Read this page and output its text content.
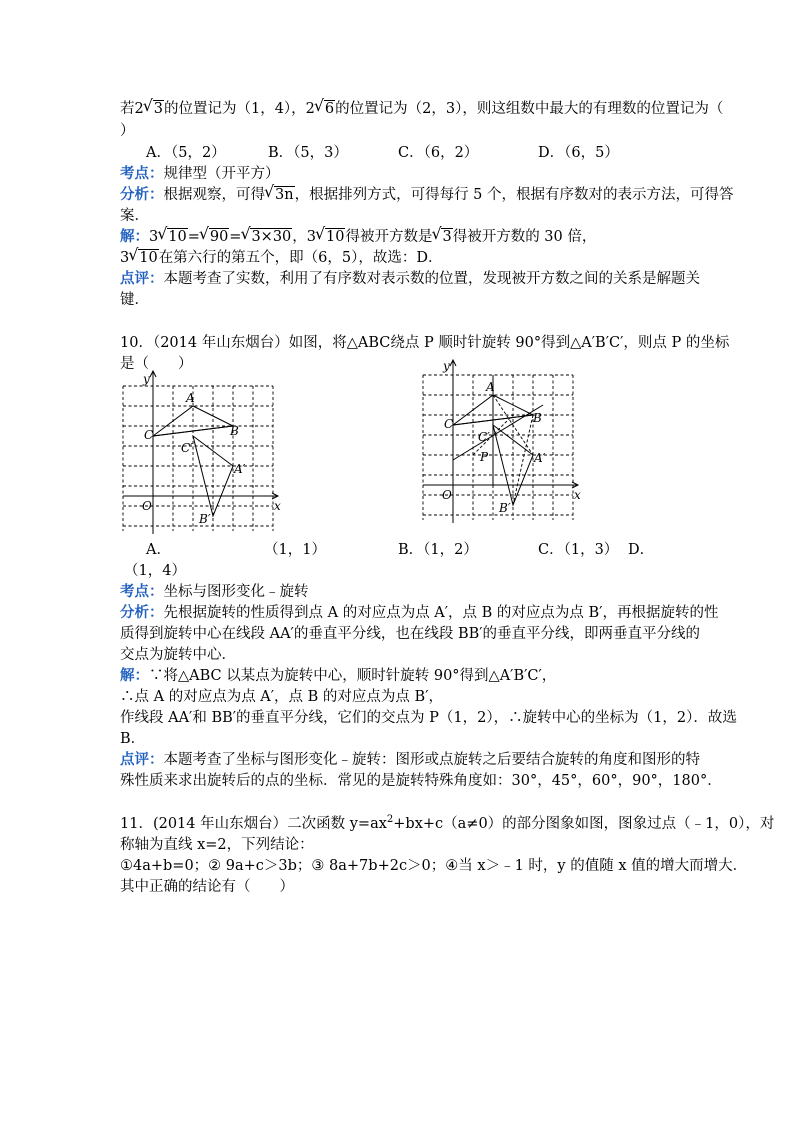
若2 √ 3的位置记为（1，4），2 √ 6的位置记为（2，3），则这组数中最大的有理数的位置记为（
）
A．（5，2）	B．（5，3）	C．（6，2）	D．（6，5）
考点：规律型（开平方）
分析：根据观察，可得 √ 3n，根据排列方式，可得每行 5 个，根据有序数对的表示方法，可得答
案．
解：3 √ 10= √ 90= √ 3×30，3 √ 10得被开方数是 √ 3得被开方数的 30 倍，
3 √ 10在第六行的第五个，即（6，5），故选：D．
点评：本题考查了实数，利用了有序数对表示数的位置，发现被开方数之间的关系是解题关
键．
10．（2014 年山东烟台）如图，将△ABC绕点 P 顺时针旋转 90°得到△A′B′C′，则点 P 的坐标
是（　　）
y
x
O
A
B
C
C′
A′
B′
y
x
O
A
B
C
C′
A′
B′
P
A．	（1，1）	B．（1，2）	C．（1，3） D．
（1，4）
考点：坐标与图形变化﹣旋转
分析：先根据旋转的性质得到点 A 的对应点为点 A′，点 B 的对应点为点 B′，再根据旋转的性
质得到旋转中心在线段 AA′的垂直平分线，也在线段 BB′的垂直平分线，即两垂直平分线的
交点为旋转中心．
解：∵将△ABC 以某点为旋转中心，顺时针旋转 90°得到△A′B′C′，
∴点 A 的对应点为点 A′，点 B 的对应点为点 B′，
作线段 AA′和 BB′的垂直平分线，它们的交点为 P（1，2），∴旋转中心的坐标为（1，2）．故选
B．
点评：本题考查了坐标与图形变化﹣旋转：图形或点旋转之后要结合旋转的角度和图形的特
殊性质来求出旋转后的点的坐标．常见的是旋转特殊角度如：30°，45°，60°，90°，180°．
11．(2014 年山东烟台）二次函数 $y=ax^2+bx+c(a\ne 0)$的部分图象如图，图象过点（﹣1，0），对
称轴为直线 x=2，下列结论：
①4a+b=0；② 9a+c＞3b；③ 8a+7b+2c＞0；④当 x＞﹣1 时，y 的值随 x 值的增大而增大．
其中正确的结论有（　　）
